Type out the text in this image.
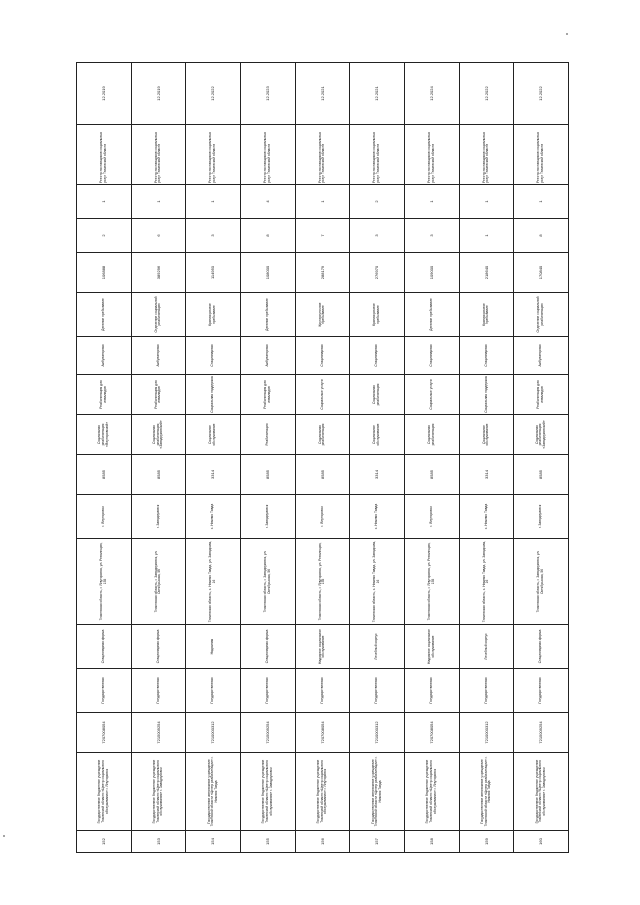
152	Государственное бюджетное учреждение Тюменской области «Центр социального обслуживания» г. Ялуторовск	7207008054	Государственная	Стационарная форма	Тюменская область, г. Ялуторовск, ул. Революции, 155	г. Ялуторовск	8585	Социальная реабилитация «Ялуторовский»	Реабилитация для инвалидов	Амбулаторная	Дневное пребывание	106888	2	1	Реестр поставщиков социальных услуг Тюменской области	12.2019
153	Государственное бюджетное учреждение Тюменской области «Центр социального обслуживания» г. Заводоуковск	7215009254	Государственная	Стационарная форма	Тюменская область, г. Заводоуковск, ул. Октябрьская, 56	г. Заводоуковск	8585	Социальная реабилитация «Заводоуковский»	Реабилитация для инвалидов	Амбулаторная	Отделение социальной реабилитации	389296	6	1	Реестр поставщиков социальных услуг Тюменской области	12.2019
154	Государственное автономное учреждение Тюменской области «Центр реабилитации» г. Нижняя Тавда	7210000312	Государственная	Надомная	Тюменская область, с. Нижняя Тавда, ул. Заводская, 16	с. Нижняя Тавда	3314	Социальное обслуживание	Социальная поддержка	Стационарная	Краткосрочное пребывание	114950	3	1	Реестр поставщиков социальных услуг Тюменской области	12.2022
155	Государственное бюджетное учреждение Тюменской области «Центр социального обслуживания» г. Заводоуковск	7215009254	Государственная	Стационарная форма	Тюменская область, г. Заводоуковск, ул. Октябрьская, 56	г. Заводоуковск	8585	Реабилитация	Реабилитация для инвалидов	Амбулаторная	Дневное пребывание	108000	8	4	Реестр поставщиков социальных услуг Тюменской области	12.2023
156	Государственное бюджетное учреждение Тюменской области «Центр социального обслуживания» г. Ялуторовск	7207008054	Государственная	Надомное социальное обслуживание	Тюменская область, г. Ялуторовск, ул. Революции, 155	г. Ялуторовск	8585	Социальная реабилитация	Социальные услуги	Стационарная	Круглосуточное пребывание	288179	7	1	Реестр поставщиков социальных услуг Тюменской области	12.2021
157	Государственное автономное учреждение Тюменской области «Центр реабилитации» г. Нижняя Тавда	7210000312	Государственная	Лечебный корпус	Тюменская область, с. Нижняя Тавда, ул. Заводская, 16	с. Нижняя Тавда	3314	Социальное обслуживание	Социальная реабилитация	Стационарная	Краткосрочное пребывание	276970	3	2	Реестр поставщиков социальных услуг Тюменской области	12.2021
158	Государственное бюджетное учреждение Тюменской области «Центр социального обслуживания» г. Ялуторовск	7207008054	Государственная	Надомное социальное обслуживание	Тюменская область, г. Ялуторовск, ул. Революции, 155	г. Ялуторовск	8585	Социальная реабилитация	Социальные услуги	Стационарная	Дневное пребывание	109000	3	1	Реестр поставщиков социальных услуг Тюменской области	12.2024
159	Государственное автономное учреждение Тюменской области «Центр реабилитации» г. Нижняя Тавда	7210000312	Государственная	Лечебный корпус	Тюменская область, с. Нижняя Тавда, ул. Заводская, 16	с. Нижняя Тавда	3314	Социальное обслуживание	Социальная поддержка	Стационарная	Краткосрочное пребывание	218640	1	1	Реестр поставщиков социальных услуг Тюменской области	12.2022
160	Государственное бюджетное учреждение Тюменской области «Центр социального обслуживания» г. Заводоуковск	7215009254	Государственная	Стационарная форма	Тюменская область, г. Заводоуковск, ул. Октябрьская, 56	г. Заводоуковск	8585	Социальная реабилитация «Заводоуковский»	Реабилитация для инвалидов	Амбулаторная	Отделение социальной реабилитации	170840	8	1	Реестр поставщиков социальных услуг Тюменской области	12.2022
